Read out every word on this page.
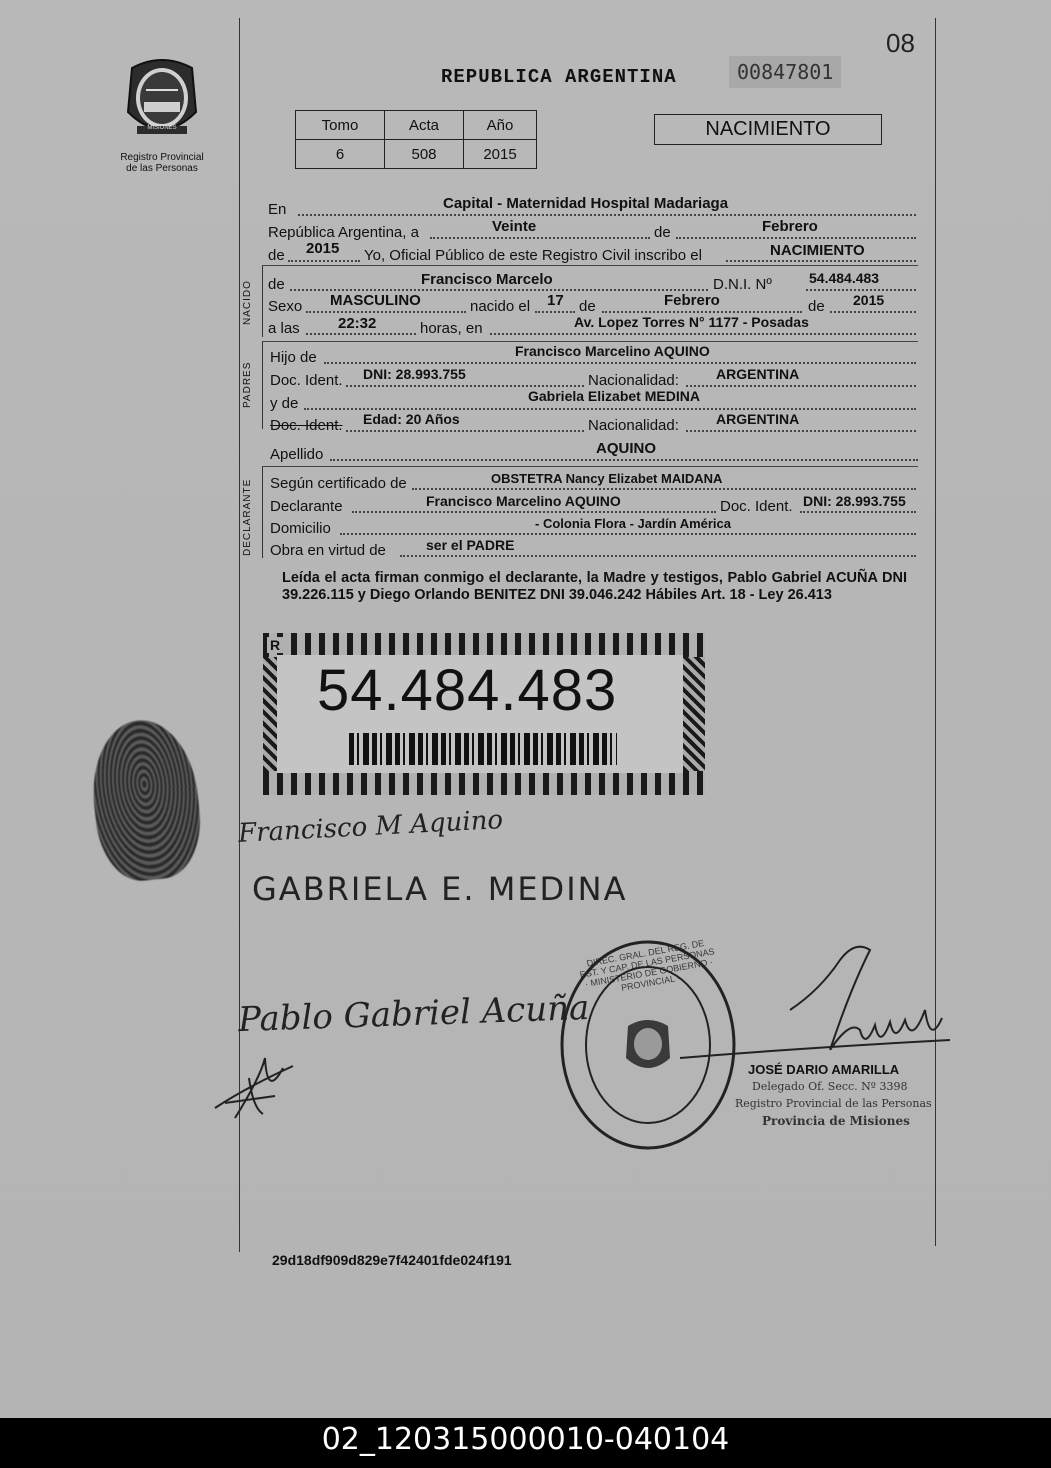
08
MISIONES
Registro Provincial
de las Personas
REPUBLICA ARGENTINA	00847801
Tomo	Acta	Año
6	508	2015
NACIMIENTO
En	Capital - Maternidad Hospital Madariaga
República Argentina, a	Veinte	de	Febrero
de 2015 Yo, Oficial Público de este Registro Civil inscribo el	NACIMIENTO
NACIDO de	Francisco Marcelo	D.N.I. Nº	54.484.483
Sexo MASCULINO	nacido el 17 de	Febrero	de 2015
a las	22:32	horas, en	Av. Lopez Torres N° 1177 - Posadas
PADRES
Hijo de	Francisco Marcelino AQUINO
Doc. Ident. DNI: 28.993.755	Nacionalidad:	ARGENTINA
y de	Gabriela Elizabet MEDINA
Doc. Ident. Edad: 20 Años	Nacionalidad:	ARGENTINA
Apellido	AQUINO
DECLARANTE Según certificado de	OBSTETRA Nancy Elizabet MAIDANA
Declarante	Francisco Marcelino AQUINO	Doc. Ident. DNI: 28.993.755
Domicilio	- Colonia Flora - Jardín América
Obra en virtud de	ser el PADRE
Leída el acta firman conmigo el declarante, la Madre y testigos, Pablo Gabriel ACUÑA DNI 39.226.115 y Diego Orlando BENITEZ DNI 39.046.242 Hábiles Art. 18 - Ley 26.413
54.484.483
R
Francisco M Aquino
GABRIELA E. MEDINA
Pablo Gabriel Acuña
DIREC. GRAL. DEL REG. DE EST. Y CAP. DE LAS PERSONAS · MINISTERIO DE GOBIERNO · PROVINCIAL ·
JOSÉ DARIO AMARILLA
Delegado Of. Secc. Nº 3398
Registro Provincial de las Personas
Provincia de Misiones
29d18df909d829e7f42401fde024f191
02_120315000010-040104
